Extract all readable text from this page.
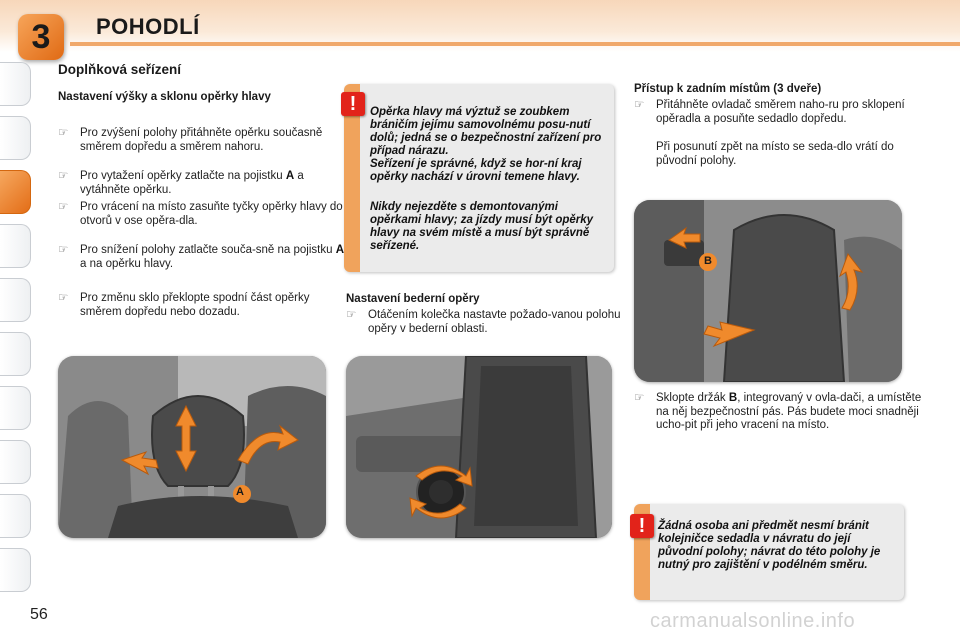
3	POHODLÍ
Doplňková seřízení
Nastavení výšky a sklonu opěrky hlavy
☞ Pro zvýšení polohy přitáhněte opěrku současně směrem dopředu a směrem nahoru.
☞ Pro vytažení opěrky zatlačte na pojistku A a vytáhněte opěrku.
☞ Pro vrácení na místo zasuňte tyčky opěrky hlavy do otvorů v ose opěra-dla.
☞ Pro snížení polohy zatlačte souča-sně na pojistku A a na opěrku hlavy.
☞ Pro změnu sklo překlopte spodní část opěrky směrem dopředu nebo dozadu.
A
!	Opěrka hlavy má výztuž se zoubkem bráničím jejímu samovolnému posu-nutí dolů; jedná se o bezpečnostní zařízení pro případ nárazu.
Seřízení je správné, když se hor-ní kraj opěrky nachází v úrovni temene hlavy.
Nikdy nejezděte s demontovanými opěrkami hlavy; za jízdy musí být opěrky hlavy na svém místě a musí být správně seřízené.
Nastavení bederní opěry
☞ Otáčením kolečka nastavte požado-vanou polohu opěry v bederní oblasti.
Přístup k zadním místům (3 dveře)
☞ Přitáhněte ovladač směrem naho-ru pro sklopení opěradla a posuňte sedadlo dopředu.
Při posunutí zpět na místo se seda-dlo vrátí do původní polohy.
B
☞ Sklopte držák B, integrovaný v ovla-dači, a umístěte na něj bezpečnostní pás. Pás budete moci snadněji ucho-pit při jeho vracení na místo.
!	Žádná osoba ani předmět nesmí bránit kolejničce sedadla v návratu do její původní polohy; návrat do této polohy je nutný pro zajištění v podélném směru.
56	carmanualsonline.info
